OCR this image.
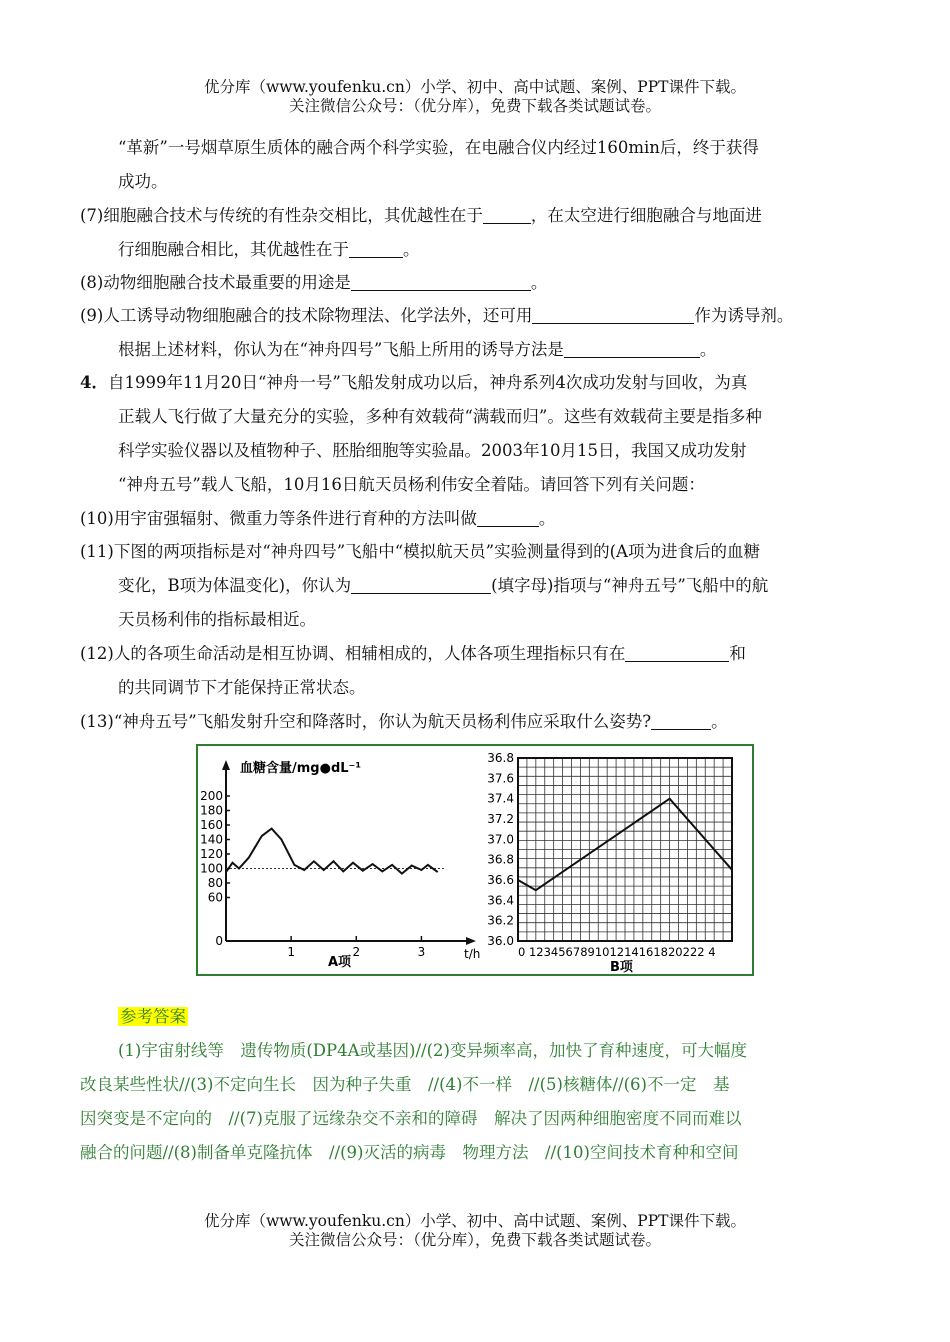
优分库（www.youfenku.cn）小学、初中、高中试题、案例、PPT课件下载。
关注微信公众号：（优分库），免费下载各类试题试卷。
“革新”一号烟草原生质体的融合两个科学实验，在电融合仪内经过160min后，终于获得
成功。
(7)细胞融合技术与传统的有性杂交相比，其优越性在于	，在太空进行细胞融合与地面进
行细胞融合相比，其优越性在于	。
(8)动物细胞融合技术最重要的用途是	。
(9)人工诱导动物细胞融合的技术除物理法、化学法外，还可用	作为诱导剂。
根据上述材料，你认为在“神舟四号”飞船上所用的诱导方法是	。
4．自1999年11月20日“神舟一号”飞船发射成功以后，神舟系列4次成功发射与回收，为真
正载人飞行做了大量充分的实验，多种有效载荷“满载而归”。这些有效载荷主要是指多种
科学实验仪器以及植物种子、胚胎细胞等实验晶。2003年10月15日，我国又成功发射
“神舟五号”载人飞船，10月16日航天员杨利伟安全着陆。请回答下列有关问题：
(10)用宇宙强辐射、微重力等条件进行育种的方法叫做	。
(11)下图的两项指标是对“神舟四号”飞船中“模拟航天员”实验测量得到的(A项为进食后的血糖
变化，B项为体温变化)，你认为	(填字母)指项与“神舟五号”飞船中的航
天员杨利伟的指标最相近。
(12)人的各项生命活动是相互协调、相辅相成的，人体各项生理指标只有在	和
的共同调节下才能保持正常状态。
(13)“神舟五号”飞船发射升空和降落时，你认为航天员杨利伟应采取什么姿势?	。
血糖含量/mg●dL⁻¹
200
180
160
140
120
100
80
60
0
1	2	3	t/h
A项
36.8
37.6
37.4
37.2
37.0
36.8
36.6
36.4
36.2
36.0
0 123456789101214161820222 4
B项
参考答案
(1)宇宙射线等　遗传物质(DP4A或基因)//(2)变异频率高，加快了育种速度，可大幅度
改良某些性状//(3)不定向生长　因为种子失重　//(4)不一样　//(5)核糖体//(6)不一定　基
因突变是不定向的　//(7)克服了远缘杂交不亲和的障碍　解决了因两种细胞密度不同而难以
融合的问题//(8)制备单克隆抗体　//(9)灭活的病毒　物理方法　//(10)空间技术育种和空间
优分库（www.youfenku.cn）小学、初中、高中试题、案例、PPT课件下载。
关注微信公众号：（优分库），免费下载各类试题试卷。
